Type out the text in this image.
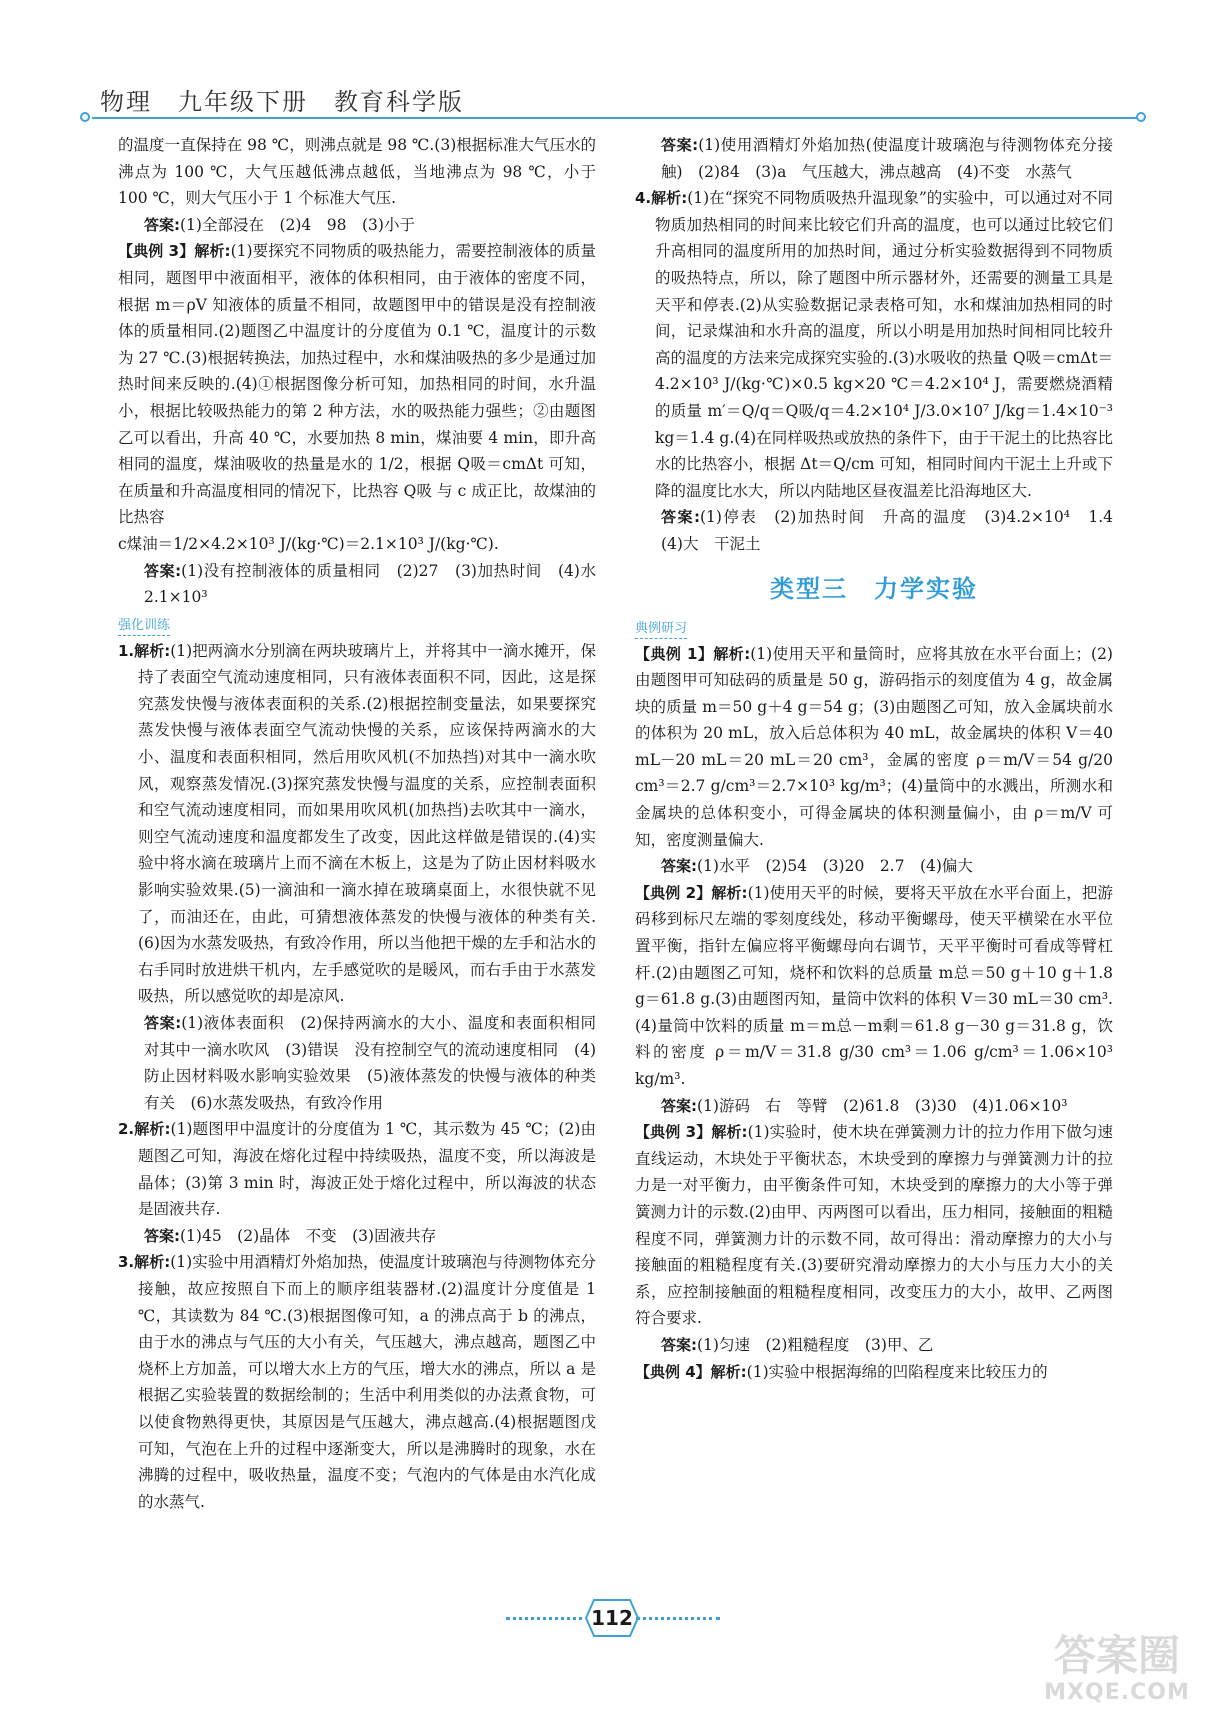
物理　九年级下册　教育科学版

的温度一直保持在 98 ℃，则沸点就是 98 ℃.(3)根据标准大气压水的沸点为 100 ℃，大气压越低沸点越低，当地沸点为 98 ℃，小于 100 ℃，则大气压小于 1 个标准大气压.

答案:(1)全部浸在　(2)4　98　(3)小于

【典例 3】解析:(1)要探究不同物质的吸热能力，需要控制液体的质量相同，题图甲中液面相平，液体的体积相同，由于液体的密度不同，根据 m＝ρV 知液体的质量不相同，故题图甲中的错误是没有控制液体的质量相同.(2)题图乙中温度计的分度值为 0.1 ℃，温度计的示数为 27 ℃.(3)根据转换法，加热过程中，水和煤油吸热的多少是通过加热时间来反映的.(4)①根据图像分析可知，加热相同的时间，水升温小，根据比较吸热能力的第 2 种方法，水的吸热能力强些；②由题图乙可以看出，升高 40 ℃，水要加热 8 min，煤油要 4 min，即升高相同的温度，煤油吸收的热量是水的 1/2，根据 Q吸＝cmΔt 可知，在质量和升高温度相同的情况下，比热容 Q吸 与 c 成正比，故煤油的比热容

c煤油＝1/2×4.2×10³ J/(kg·℃)＝2.1×10³ J/(kg·℃).

答案:(1)没有控制液体的质量相同　(2)27　(3)加热时间　(4)水　2.1×10³

强化训练

1.解析:(1)把两滴水分别滴在两块玻璃片上，并将其中一滴水摊开，保持了表面空气流动速度相同，只有液体表面积不同，因此，这是探究蒸发快慢与液体表面积的关系.(2)根据控制变量法，如果要探究蒸发快慢与液体表面空气流动快慢的关系，应该保持两滴水的大小、温度和表面积相同，然后用吹风机(不加热挡)对其中一滴水吹风，观察蒸发情况.(3)探究蒸发快慢与温度的关系，应控制表面积和空气流动速度相同，而如果用吹风机(加热挡)去吹其中一滴水，则空气流动速度和温度都发生了改变，因此这样做是错误的.(4)实验中将水滴在玻璃片上而不滴在木板上，这是为了防止因材料吸水影响实验效果.(5)一滴油和一滴水掉在玻璃桌面上，水很快就不见了，而油还在，由此，可猜想液体蒸发的快慢与液体的种类有关.(6)因为水蒸发吸热，有致冷作用，所以当他把干燥的左手和沾水的右手同时放进烘干机内，左手感觉吹的是暖风，而右手由于水蒸发吸热，所以感觉吹的却是凉风.

答案:(1)液体表面积　(2)保持两滴水的大小、温度和表面积相同　对其中一滴水吹风　(3)错误　没有控制空气的流动速度相同　(4)防止因材料吸水影响实验效果　(5)液体蒸发的快慢与液体的种类有关　(6)水蒸发吸热，有致冷作用

2.解析:(1)题图甲中温度计的分度值为 1 ℃，其示数为 45 ℃；(2)由题图乙可知，海波在熔化过程中持续吸热，温度不变，所以海波是晶体；(3)第 3 min 时，海波正处于熔化过程中，所以海波的状态是固液共存.

答案:(1)45　(2)晶体　不变　(3)固液共存

3.解析:(1)实验中用酒精灯外焰加热，使温度计玻璃泡与待测物体充分接触，故应按照自下而上的顺序组装器材.(2)温度计分度值是 1 ℃，其读数为 84 ℃.(3)根据图像可知，a 的沸点高于 b 的沸点，由于水的沸点与气压的大小有关，气压越大，沸点越高，题图乙中烧杯上方加盖，可以增大水上方的气压，增大水的沸点，所以 a 是根据乙实验装置的数据绘制的；生活中利用类似的办法煮食物，可以使食物熟得更快，其原因是气压越大，沸点越高.(4)根据题图戊可知，气泡在上升的过程中逐渐变大，所以是沸腾时的现象，水在沸腾的过程中，吸收热量，温度不变；气泡内的气体是由水汽化成的水蒸气.

答案:(1)使用酒精灯外焰加热(使温度计玻璃泡与待测物体充分接触)　(2)84　(3)a　气压越大，沸点越高　(4)不变　水蒸气

4.解析:(1)在“探究不同物质吸热升温现象”的实验中，可以通过对不同物质加热相同的时间来比较它们升高的温度，也可以通过比较它们升高相同的温度所用的加热时间，通过分析实验数据得到不同物质的吸热特点，所以，除了题图中所示器材外，还需要的测量工具是天平和停表.(2)从实验数据记录表格可知，水和煤油加热相同的时间，记录煤油和水升高的温度，所以小明是用加热时间相同比较升高的温度的方法来完成探究实验的.(3)水吸收的热量 Q吸＝cmΔt＝4.2×10³ J/(kg·℃)×0.5 kg×20 ℃＝4.2×10⁴ J，需要燃烧酒精的质量 m′＝Q/q＝Q吸/q＝4.2×10⁴ J/3.0×10⁷ J/kg＝1.4×10⁻³ kg＝1.4 g.(4)在同样吸热或放热的条件下，由于干泥土的比热容比水的比热容小，根据 Δt＝Q/cm 可知，相同时间内干泥土上升或下降的温度比水大，所以内陆地区昼夜温差比沿海地区大.

答案:(1)停表　(2)加热时间　升高的温度　(3)4.2×10⁴　1.4　(4)大　干泥土

类型三　力学实验
典例研习

【典例 1】解析:(1)使用天平和量筒时，应将其放在水平台面上；(2)由题图甲可知砝码的质量是 50 g，游码指示的刻度值为 4 g，故金属块的质量 m＝50 g＋4 g＝54 g；(3)由题图乙可知，放入金属块前水的体积为 20 mL，放入后总体积为 40 mL，故金属块的体积 V＝40 mL－20 mL＝20 mL＝20 cm³，金属的密度 ρ＝m/V＝54 g/20 cm³＝2.7 g/cm³＝2.7×10³ kg/m³；(4)量筒中的水溅出，所测水和金属块的总体积变小，可得金属块的体积测量偏小，由 ρ＝m/V 可知，密度测量偏大.

答案:(1)水平　(2)54　(3)20　2.7　(4)偏大

【典例 2】解析:(1)使用天平的时候，要将天平放在水平台面上，把游码移到标尺左端的零刻度线处，移动平衡螺母，使天平横梁在水平位置平衡，指针左偏应将平衡螺母向右调节，天平平衡时可看成等臂杠杆.(2)由题图乙可知，烧杯和饮料的总质量 m总＝50 g＋10 g＋1.8 g＝61.8 g.(3)由题图丙知，量筒中饮料的体积 V＝30 mL＝30 cm³.(4)量筒中饮料的质量 m＝m总－m剩＝61.8 g－30 g＝31.8 g，饮料的密度 ρ＝m/V＝31.8 g/30 cm³＝1.06 g/cm³＝1.06×10³ kg/m³.

答案:(1)游码　右　等臂　(2)61.8　(3)30　(4)1.06×10³

【典例 3】解析:(1)实验时，使木块在弹簧测力计的拉力作用下做匀速直线运动，木块处于平衡状态，木块受到的摩擦力与弹簧测力计的拉力是一对平衡力，由平衡条件可知，木块受到的摩擦力的大小等于弹簧测力计的示数.(2)由甲、丙两图可以看出，压力相同，接触面的粗糙程度不同，弹簧测力计的示数不同，故可得出：滑动摩擦力的大小与接触面的粗糙程度有关.(3)要研究滑动摩擦力的大小与压力大小的关系，应控制接触面的粗糙程度相同，改变压力的大小，故甲、乙两图符合要求.

答案:(1)匀速　(2)粗糙程度　(3)甲、乙

【典例 4】解析:(1)实验中根据海绵的凹陷程度来比较压力的

112
答案圈
MXQE.COM
